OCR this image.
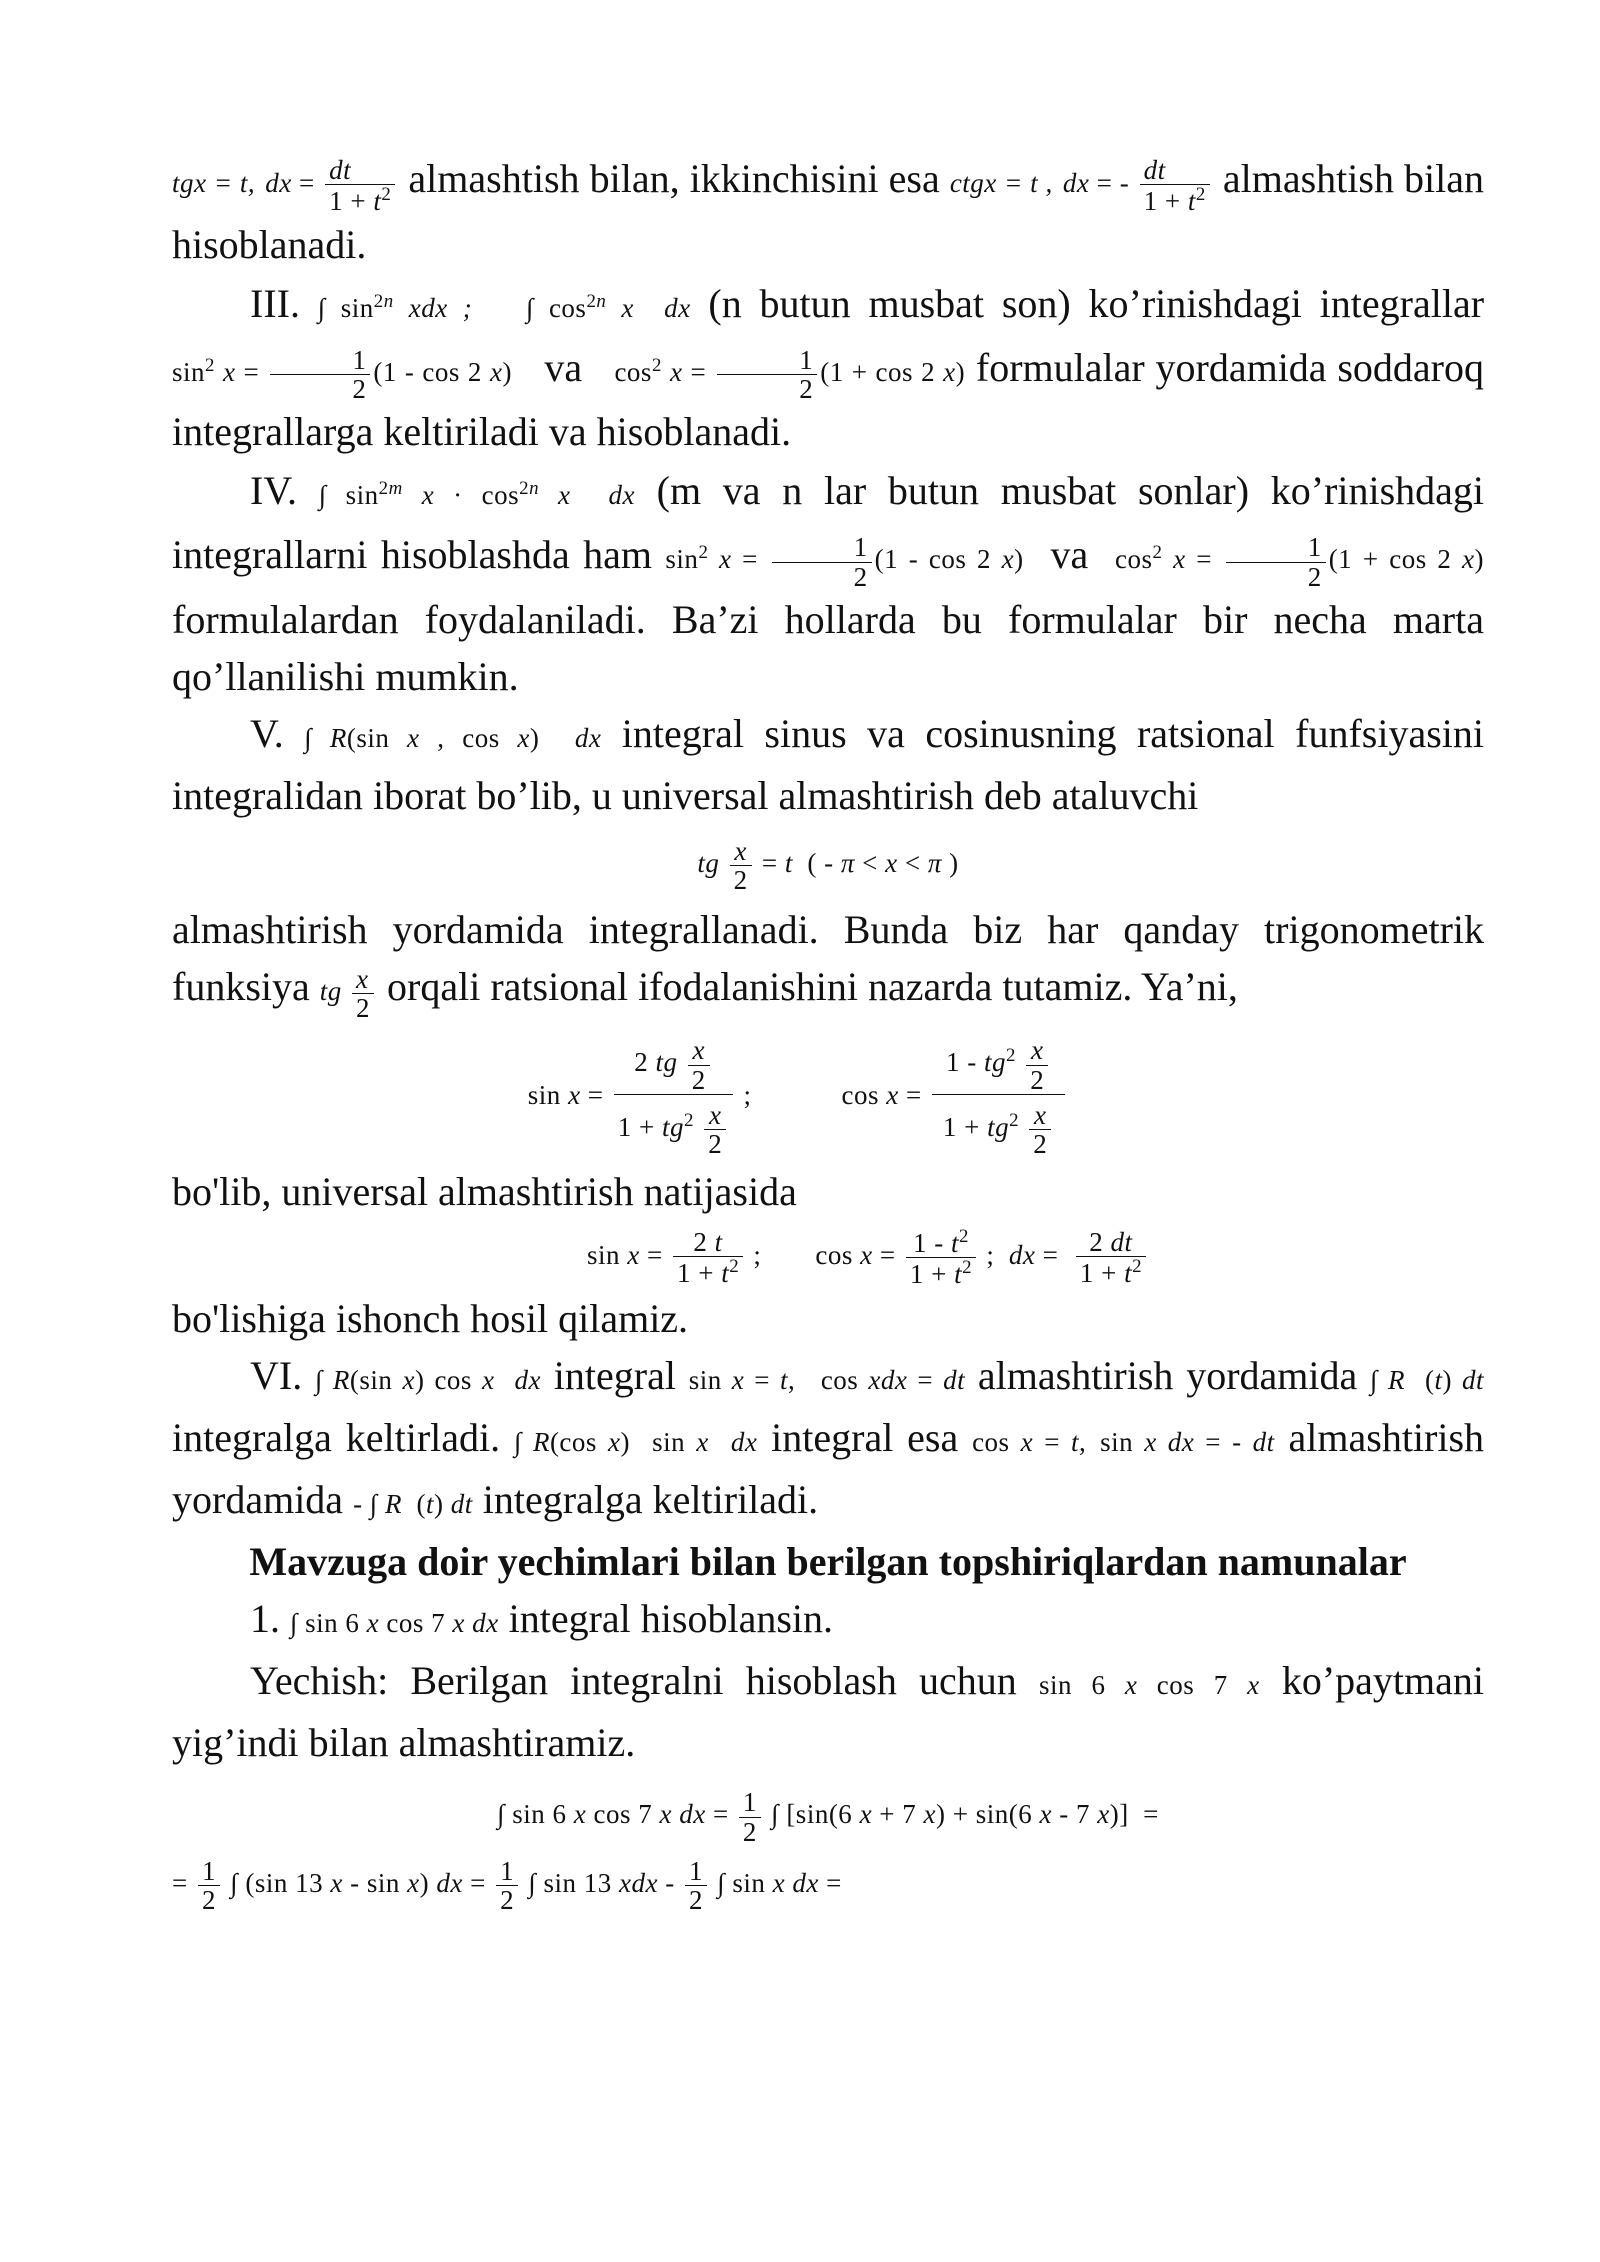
tgx = t, dx = $\frac{dt}{1 + t^2}$ almashtish bilan, ikkinchisini esa ctgx = t , dx = - $\frac{dt}{1 + t^2}$ almashtish bilan hisoblanadi.

III. ∫ $\sin^{2n}$ xdx ; ∫ $\cos^{2n} x$ dx (n butun musbat son) ko’rinishdagi integrallar $\sin^2 x = \frac{1}{2} (1 - \cos 2$ x) va $\cos^2 x = \frac{1}{2} (1 + \cos 2$ x) formulalar yordamida soddaroq integrallarga keltiriladi va hisoblanadi.

IV. ∫ $\sin^{2m} x \cdot \cos^{2n} x$ dx (m va n lar butun musbat sonlar) ko’rinishdagi integrallarni hisoblashda ham $\sin^2 x = \frac{1}{2} (1 - \cos 2$ x) va $\cos^2 x = \frac{1}{2} (1 + \cos 2$ x) formulalardan foydalaniladi. Ba’zi hollarda bu formulalar bir necha marta qo’llanilishi mumkin.

V. ∫ R(sin x , cos x)  dx integral sinus va cosinusning ratsional funfsiyasini integralidan iborat bo’lib, u universal almashtirish deb ataluvchi

tg $\frac{x}{2} = t$  ( - π < x < π )

almashtirish yordamida integrallanadi. Bunda biz har qanday trigonometrik funksiya tg $\frac{x}{2}$ orqali ratsional ifodalanishini nazarda tutamiz. Ya’ni,

$\sin x = \frac{2 tg \frac{x}{2}}{1 + tg^2 \frac{x}{2}}$ ;	$\cos x = \frac{1 - tg^2 \frac{x}{2}}{1 + tg^2 \frac{x}{2}}$

bo'lib, universal almashtirish natijasida

$\sin x = \frac{2 t}{1 + t^2}$ ; $\cos x = \frac{1 - t^2}{1 + t^2}$ ;  dx = $\frac{2 dt}{1 + t^2}$

bo'lishiga ishonch hosil qilamiz.

VI. ∫ R(sin x) cos x dx integral sin x = t, cos xdx = dt almashtirish yordamida ∫ R  (t) dt integralga keltirladi. ∫ R(cos x)  sin x dx integral esa cos x = t, sin x dx = - dt almashtirish yordamida - ∫ R  (t) dt integralga keltiriladi.

Mavzuga doir yechimlari bilan berilgan topshiriqlardan namunalar

1. ∫ sin 6 x cos 7 x dx integral hisoblansin.

Yechish: Berilgan integralni hisoblash uchun sin 6 x cos 7 x ko’paytmani yig’indi bilan almashtiramiz.

∫ sin 6 x cos 7 x dx = $\frac{1}{2}$ ∫ [sin(6 x + 7 x) + sin(6 x - 7 x)]  =
= $\frac{1}{2}$ ∫ (sin 13 x - sin x) dx = $\frac{1}{2}$ ∫ sin 13 xdx - $\frac{1}{2}$ ∫ sin x dx =
